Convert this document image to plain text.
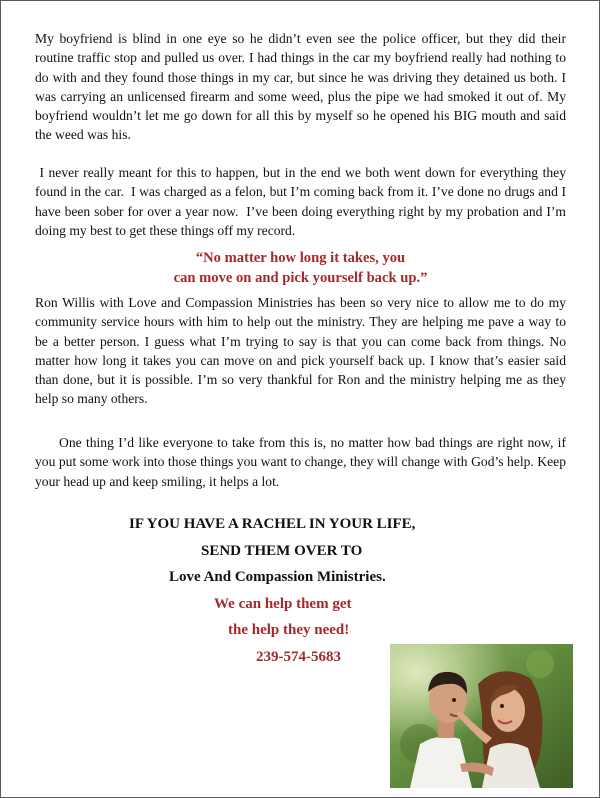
My boyfriend is blind in one eye so he didn’t even see the police officer, but they did their routine traffic stop and pulled us over. I had things in the car my boyfriend really had nothing to do with and they found those things in my car, but since he was driving they detained us both. I was carrying an unlicensed firearm and some weed, plus the pipe we had smoked it out of. My boyfriend wouldn’t let me go down for all this by myself so he opened his BIG mouth and said the weed was his.

I never really meant for this to happen, but in the end we both went down for everything they found in the car.  I was charged as a felon, but I’m coming back from it. I’ve done no drugs and I have been sober for over a year now.  I’ve been doing everything right by my probation and I’m doing my best to get these things off my record.

“No matter how long it takes, you
can move on and pick yourself back up.”

Ron Willis with Love and Compassion Ministries has been so very nice to allow me to do my community service hours with him to help out the ministry. They are helping me pave a way to be a better person. I guess what I’m trying to say is that you can come back from things. No matter how long it takes you can move on and pick yourself back up. I know that’s easier said than done, but it is possible. I’m so very thankful for Ron and the ministry helping me as they help so many others.

One thing I’d like everyone to take from this is, no matter how bad things are right now, if you put some work into those things you want to change, they will change with God’s help. Keep your head up and keep smiling, it helps a lot.

IF YOU HAVE A RACHEL IN YOUR LIFE,
SEND THEM OVER TO
Love And Compassion Ministries.
We can help them get
the help they need!
239-574-5683
